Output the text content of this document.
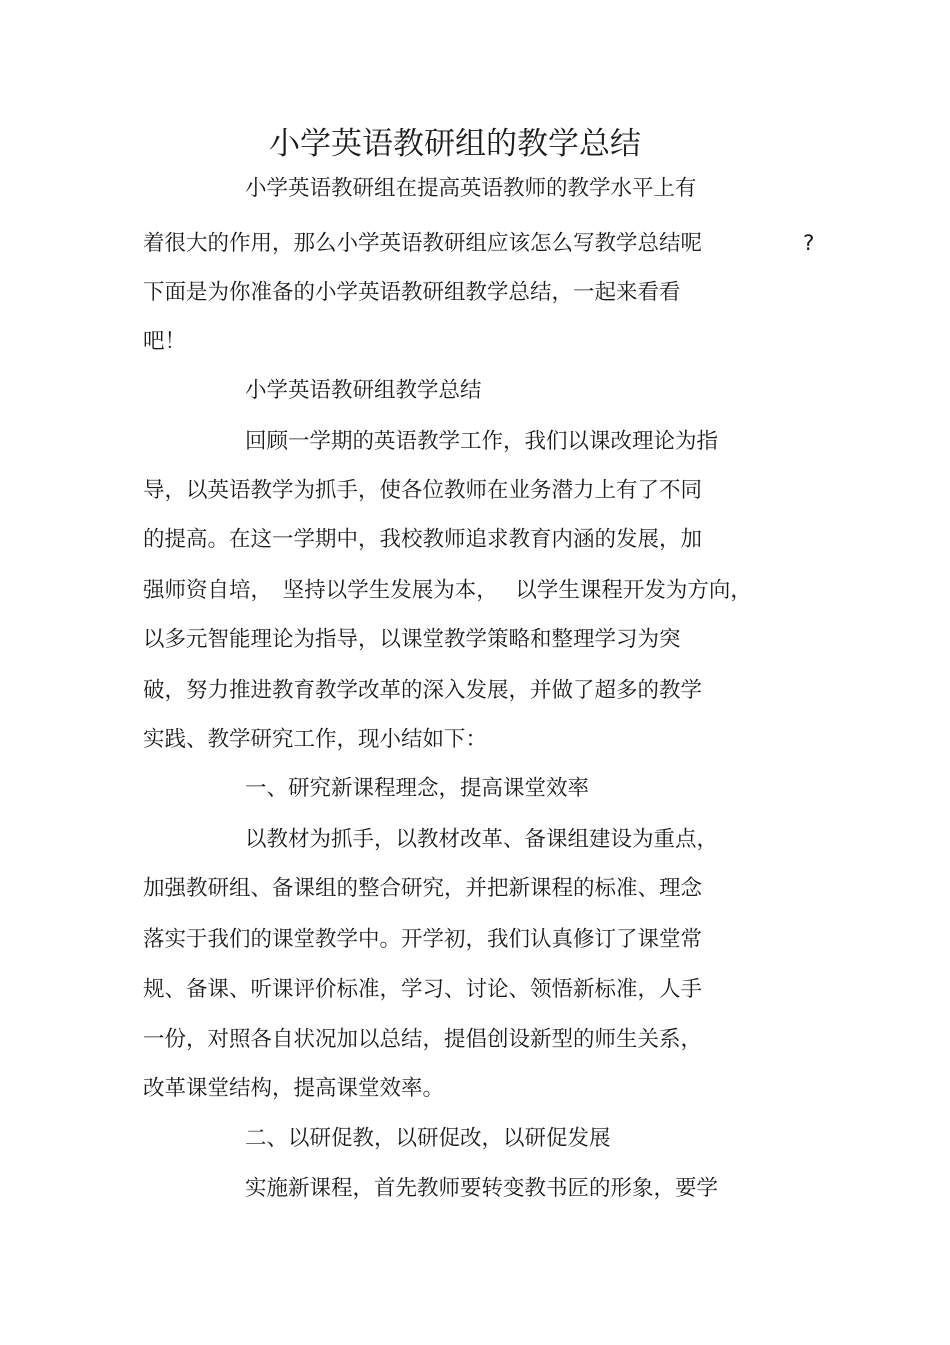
小学英语教研组的教学总结

小学英语教研组在提高英语教师的教学水平上有

着很大的作用，那么小学英语教研组应该怎么写教学总结呢	?

下面是为你准备的小学英语教研组教学总结，一起来看看

吧！

小学英语教研组教学总结

回顾一学期的英语教学工作，我们以课改理论为指

导，以英语教学为抓手，使各位教师在业务潜力上有了不同

的提高。在这一学期中，我校教师追求教育内涵的发展，加

强师资自培，　坚持以学生发展为本，　 以学生课程开发为方向，

以多元智能理论为指导，以课堂教学策略和整理学习为突

破，努力推进教育教学改革的深入发展，并做了超多的教学

实践、教学研究工作，现小结如下：

一、研究新课程理念，提高课堂效率

以教材为抓手，以教材改革、备课组建设为重点，

加强教研组、备课组的整合研究，并把新课程的标准、理念

落实于我们的课堂教学中。开学初，我们认真修订了课堂常

规、备课、听课评价标准，学习、讨论、领悟新标准，人手

一份，对照各自状况加以总结，提倡创设新型的师生关系，

改革课堂结构，提高课堂效率。

二、以研促教，以研促改，以研促发展

实施新课程，首先教师要转变教书匠的形象，要学
